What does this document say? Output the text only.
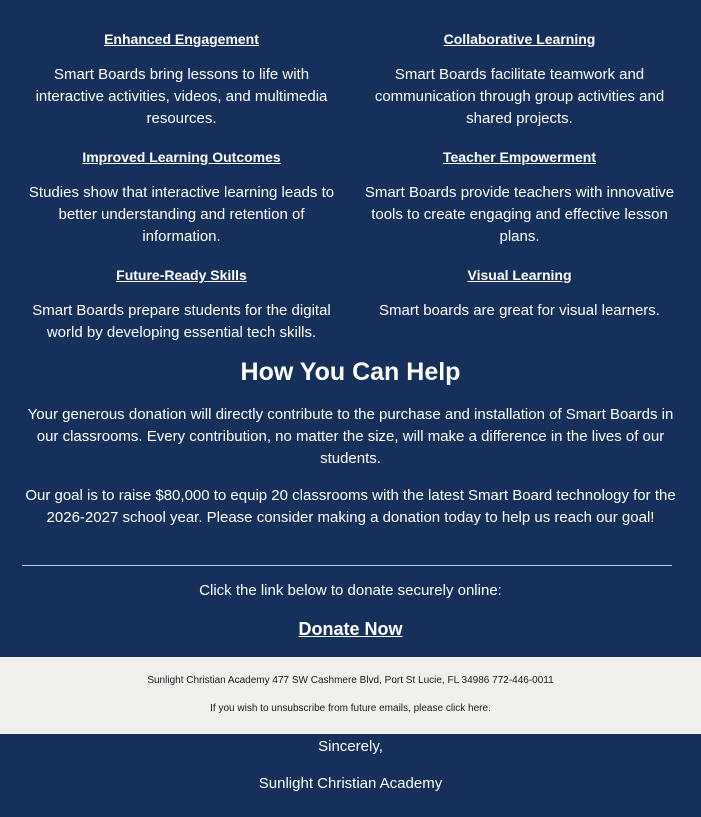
Enhanced Engagement
Smart Boards bring lessons to life with interactive activities, videos, and multimedia resources.
Collaborative Learning
Smart Boards facilitate teamwork and communication through group activities and shared projects.
Improved Learning Outcomes
Studies show that interactive learning leads to better understanding and retention of information.
Teacher Empowerment
Smart Boards provide teachers with innovative tools to create engaging and effective lesson plans.
Future-Ready Skills
Smart Boards prepare students for the digital world by developing essential tech skills.
Visual Learning
Smart boards are great for visual learners.
How You Can Help
Your generous donation will directly contribute to the purchase and installation of Smart Boards in our classrooms. Every contribution, no matter the size, will make a difference in the lives of our students.
Our goal is to raise $80,000 to equip 20 classrooms with the latest Smart Board technology for the 2026-2027 school year. Please consider making a donation today to help us reach our goal!
Click the link below to donate securely online:
Donate Now
Sunlight Christian Academy 477 SW Cashmere Blvd, Port St Lucie, FL 34986 772-446-0011
If you wish to unsubscribe from future emails, please click here.
Sincerely,
Sunlight Christian Academy
